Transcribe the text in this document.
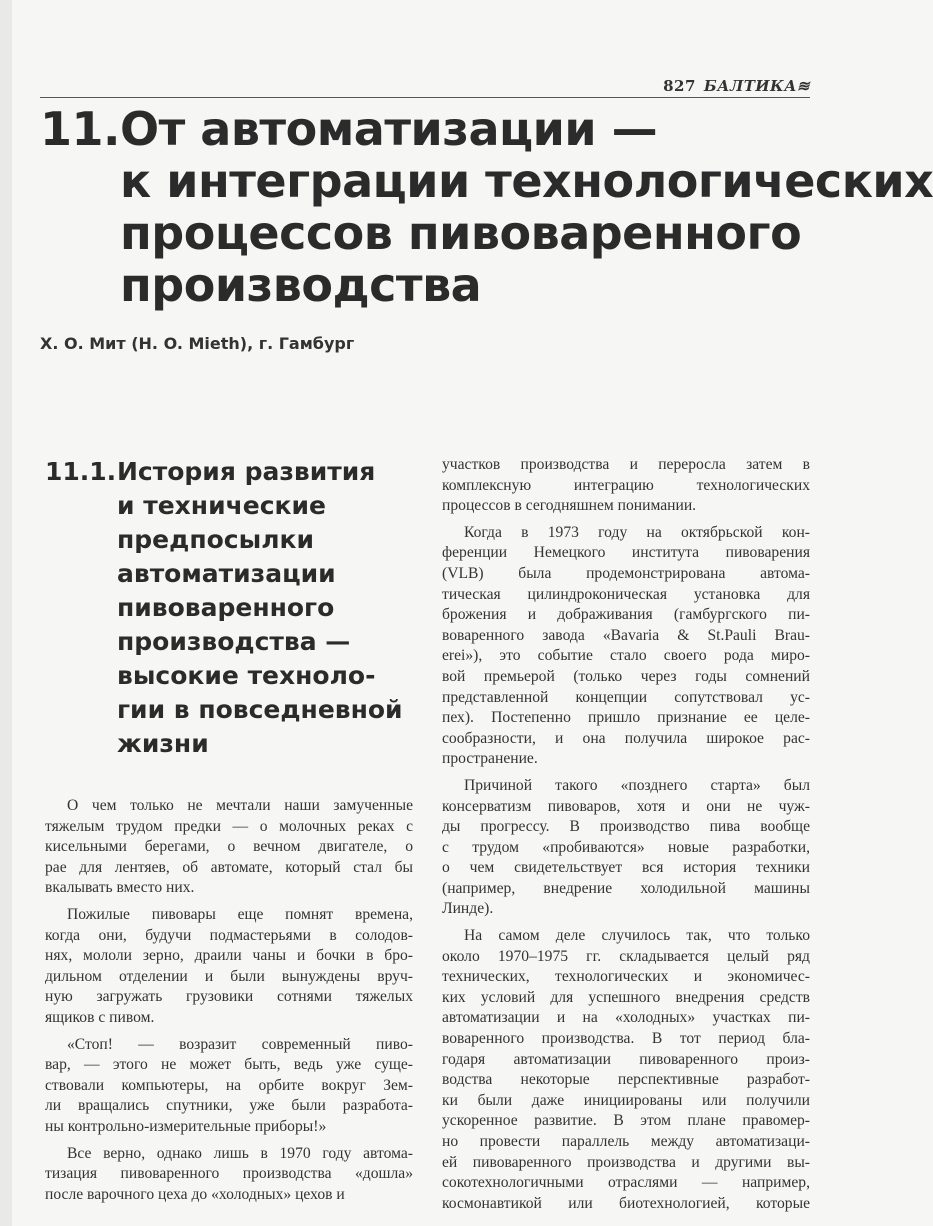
827 БАЛТИКА≋
11.От автоматизации —
к интеграции технологических
процессов пивоваренного
производства
Х. О. Мит (H. O. Mieth), г. Гамбург
11.1. История развития
и технические
предпосылки
автоматизации
пивоваренного
производства —
высокие техноло-
гии в повседневной
жизни
О чем только не мечтали наши замученные
тяжелым трудом предки — о молочных реках с
кисельными берегами, о вечном двигателе, о
рае для лентяев, об автомате, который стал бы
вкалывать вместо них.
Пожилые пивовары еще помнят времена,
когда они, будучи подмастерьями в солодов-
нях, мололи зерно, драили чаны и бочки в бро-
дильном отделении и были вынуждены вруч-
ную загружать грузовики сотнями тяжелых
ящиков с пивом.
«Стоп! — возразит современный пиво-
вар, — этого не может быть, ведь уже суще-
ствовали компьютеры, на орбите вокруг Зем-
ли вращались спутники, уже были разработа-
ны контрольно-измерительные приборы!»
Все верно, однако лишь в 1970 году автома-
тизация пивоваренного производства «дошла»
после варочного цеха до «холодных» цехов и
участков производства и переросла затем в
комплексную интеграцию технологических
процессов в сегодняшнем понимании.
Когда в 1973 году на октябрьской кон-
ференции Немецкого института пивоварения
(VLB) была продемонстрирована автома-
тическая цилиндроконическая установка для
брожения и дображивания (гамбургского пи-
воваренного завода «Bavaria & St.Pauli Brau-
erei»), это событие стало своего рода миро-
вой премьерой (только через годы сомнений
представленной концепции сопутствовал ус-
пех). Постепенно пришло признание ее целе-
сообразности, и она получила широкое рас-
пространение.
Причиной такого «позднего старта» был
консерватизм пивоваров, хотя и они не чуж-
ды прогрессу. В производство пива вообще
с трудом «пробиваются» новые разработки,
о чем свидетельствует вся история техники
(например, внедрение холодильной машины
Линде).
На самом деле случилось так, что только
около 1970–1975 гг. складывается целый ряд
технических, технологических и экономичес-
ких условий для успешного внедрения средств
автоматизации и на «холодных» участках пи-
воваренного производства. В тот период бла-
годаря автоматизации пивоваренного произ-
водства некоторые перспективные разработ-
ки были даже инициированы или получили
ускоренное развитие. В этом плане правомер-
но провести параллель между автоматизаци-
ей пивоваренного производства и другими вы-
сокотехнологичными отраслями — например,
космонавтикой или биотехнологией, которые
